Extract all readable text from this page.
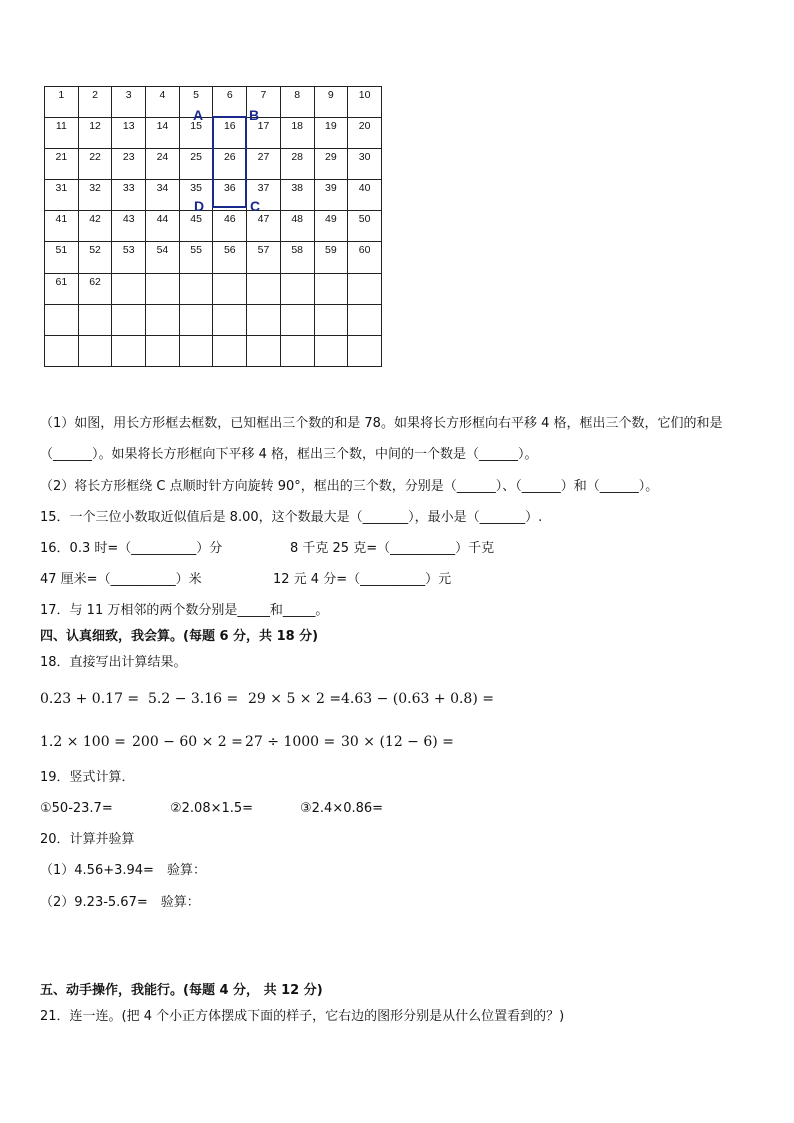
1	2	3	4	5	6	7	8	9	10
11	12	13	14	15	16	17	18	19	20
21	22	23	24	25	26	27	28	29	30
31	32	33	34	35	36	37	38	39	40
41	42	43	44	45	46	47	48	49	50
51	52	53	54	55	56	57	58	59	60
61	62								

A	B
D	C
（1）如图，用长方形框去框数，已知框出三个数的和是 78。如果将长方形框向右平移 4 格，框出三个数，它们的和是
（______）。如果将长方形框向下平移 4 格，框出三个数，中间的一个数是（______）。
（2）将长方形框绕 C 点顺时针方向旋转 90°，框出的三个数，分别是（______）、（______）和（______）。
15．一个三位小数取近似值后是 8.00，这个数最大是（_______），最小是（_______）.
16．0.3 时=（__________）分	8 千克 25 克=（__________）千克
47 厘米=（__________）米	12 元 4 分=（__________）元
17．与 11 万相邻的两个数分别是_____和_____。
四、认真细致，我会算。(每题 6 分，共 18 分)
18．直接写出计算结果。
0.23 + 0.17 = 5.2 − 3.16 = 29 × 5 × 2 = 4.63 − (0.63 + 0.8) =
1.2 × 100 = 200 − 60 × 2 = 27 ÷ 1000 = 30 × (12 − 6) =
19．竖式计算．
①50-23.7=	②2.08×1.5=	③2.4×0.86=
20．计算并验算
（1）4.56+3.94=　验算：
（2）9.23-5.67=　验算：
五、动手操作，我能行。(每题 4 分， 共 12 分)
21．连一连。(把 4 个小正方体摆成下面的样子，它右边的图形分别是从什么位置看到的？)
